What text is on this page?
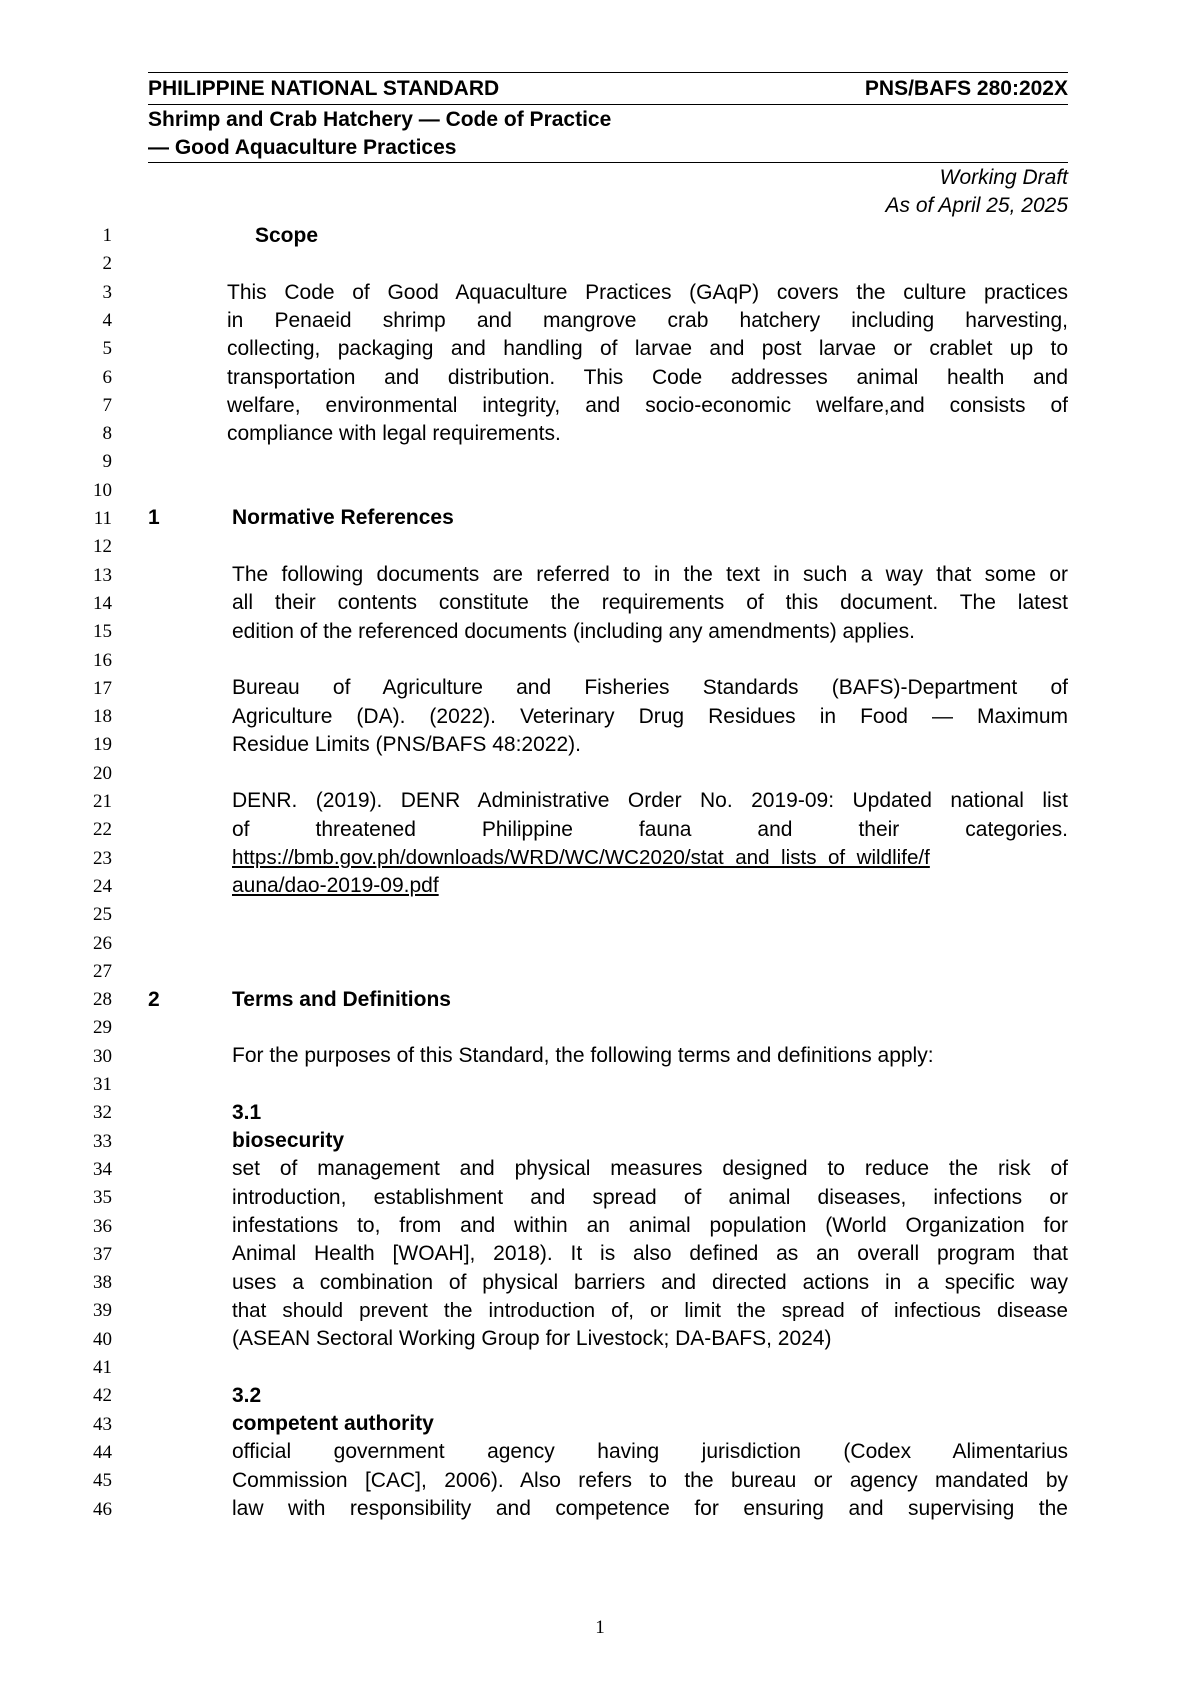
PHILIPPINE NATIONAL STANDARD	PNS/BAFS 280:202X
Shrimp and Crab Hatchery — Code of Practice
— Good Aquaculture Practices
Working Draft
As of April 25, 2025
1
2
3
4
5
6
7
8
9
10
11
12
13
14
15
16
17
18
19
20
21
22
23
24
25
26
27
28
29
30
31
32
33
34
35
36
37
38
39
40
41
42
43
44
45
46
Scope
This Code of Good Aquaculture Practices (GAqP) covers the culture practices
in Penaeid shrimp and mangrove crab hatchery including harvesting,
collecting, packaging and handling of larvae and post larvae or crablet up to
transportation and distribution. This Code addresses animal health and
welfare, environmental integrity, and socio-economic welfare,and consists of
compliance with legal requirements.
1	Normative References
The following documents are referred to in the text in such a way that some or
all their contents constitute the requirements of this document. The latest
edition of the referenced documents (including any amendments) applies.
Bureau of Agriculture and Fisheries Standards (BAFS)-Department of
Agriculture (DA). (2022). Veterinary Drug Residues in Food — Maximum
Residue Limits (PNS/BAFS 48:2022).
DENR. (2019). DENR Administrative Order No. 2019-09: Updated national list
of threatened Philippine fauna and their categories.
https://bmb.gov.ph/downloads/WRD/WC/WC2020/stat_and_lists_of_wildlife/f
auna/dao-2019-09.pdf
2	Terms and Definitions
For the purposes of this Standard, the following terms and definitions apply:
3.1
biosecurity
set of management and physical measures designed to reduce the risk of
introduction, establishment and spread of animal diseases, infections or
infestations to, from and within an animal population (World Organization for
Animal Health [WOAH], 2018). It is also defined as an overall program that
uses a combination of physical barriers and directed actions in a specific way
that should prevent the introduction of, or limit the spread of infectious disease
(ASEAN Sectoral Working Group for Livestock; DA-BAFS, 2024)
3.2
competent authority
official government agency having jurisdiction (Codex Alimentarius
Commission [CAC], 2006). Also refers to the bureau or agency mandated by
law with responsibility and competence for ensuring and supervising the
1
